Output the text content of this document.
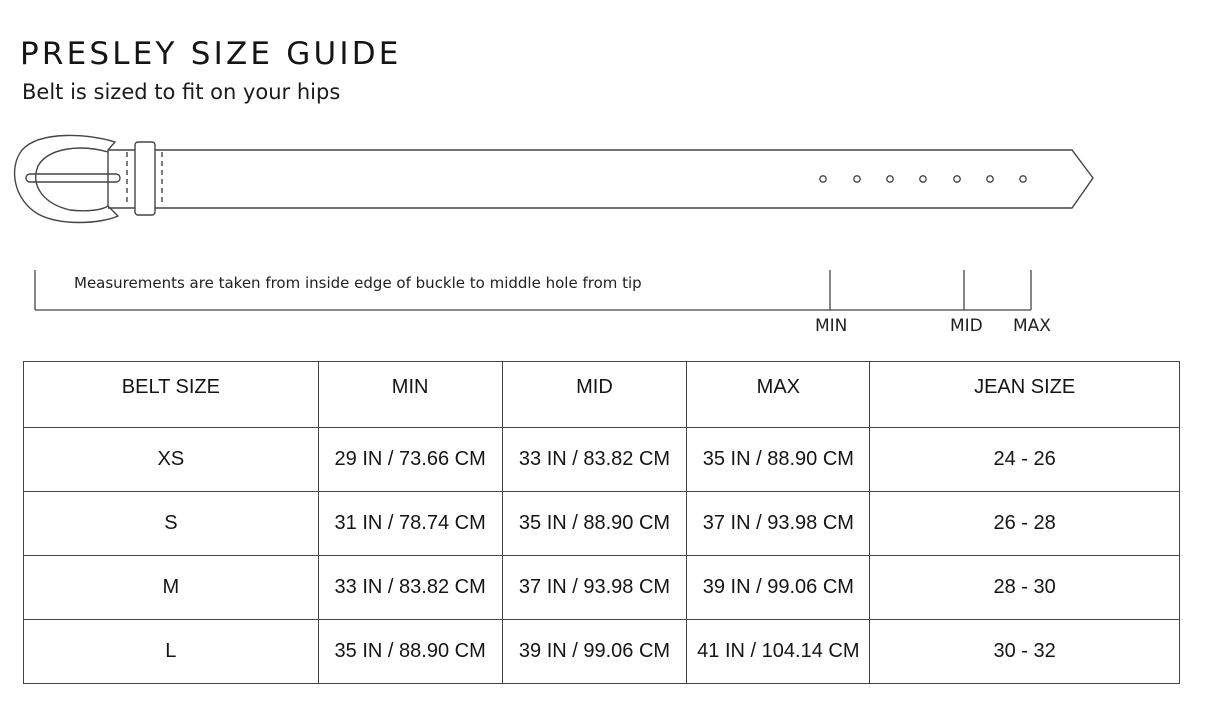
PRESLEY SIZE GUIDE

Belt is sized to fit on your hips

Measurements are taken from inside edge of buckle to middle hole from tip
MIN	MID MAX
BELT SIZE	MIN	MID	MAX	JEAN SIZE
XS	29 IN / 73.66 CM	33 IN / 83.82 CM	35 IN / 88.90 CM	24 - 26
S	31 IN / 78.74 CM	35 IN / 88.90 CM	37 IN / 93.98 CM	26 - 28
M	33 IN / 83.82 CM	37 IN / 93.98 CM	39 IN / 99.06 CM	28 - 30
L	35 IN / 88.90 CM	39 IN / 99.06 CM	41 IN / 104.14 CM	30 - 32
